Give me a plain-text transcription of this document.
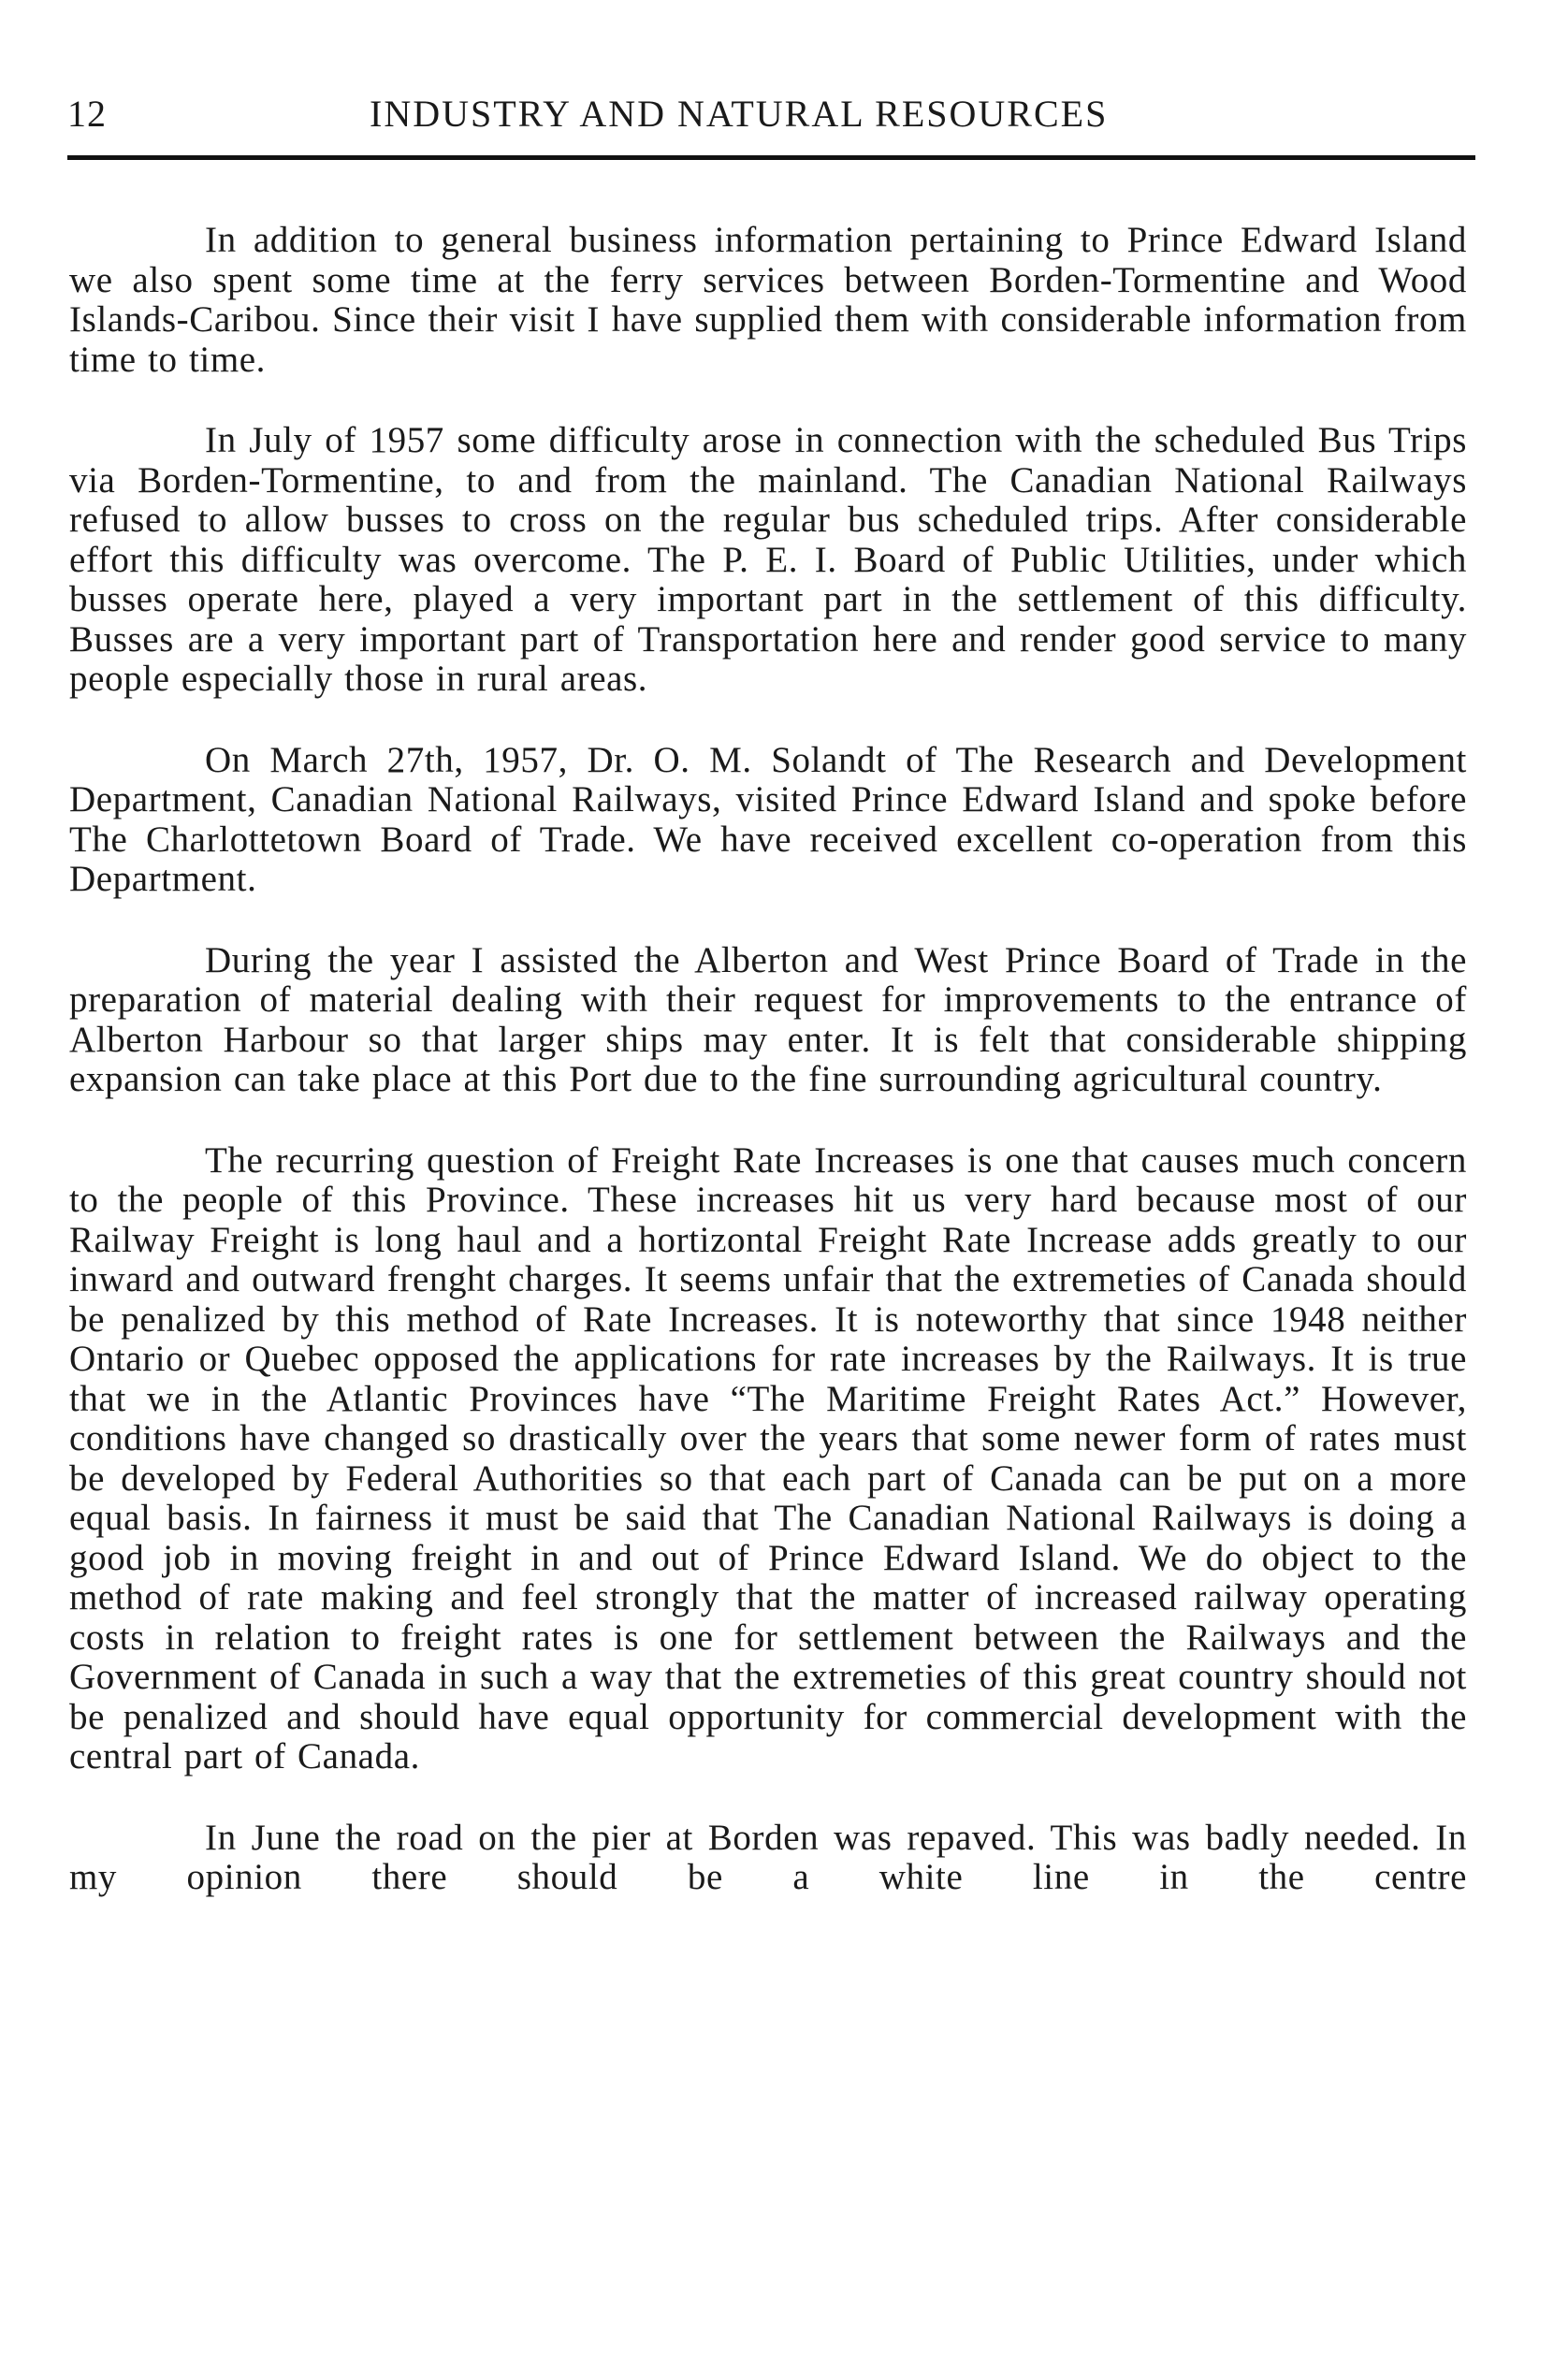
12	INDUSTRY AND NATURAL RESOURCES

In addition to general business information pertaining to Prince Edward Island we also spent some time at the ferry services between Borden-Tormentine and Wood Islands-Caribou. Since their visit I have supplied them with considerable information from time to time.

In July of 1957 some difficulty arose in connection with the scheduled Bus Trips via Borden-Tormentine, to and from the mainland. The Canadian National Railways refused to allow busses to cross on the regular bus scheduled trips. After considerable effort this difficulty was overcome. The P. E. I. Board of Public Utilities, under which busses operate here, played a very important part in the settlement of this difficulty. Busses are a very important part of Transportation here and render good service to many people especially those in rural areas.

On March 27th, 1957, Dr. O. M. Solandt of The Research and Development Department, Canadian National Railways, visited Prince Edward Island and spoke before The Charlottetown Board of Trade. We have received excellent co-operation from this Department.

During the year I assisted the Alberton and West Prince Board of Trade in the preparation of material dealing with their request for improvements to the entrance of Alberton Harbour so that larger ships may enter. It is felt that considerable shipping expansion can take place at this Port due to the fine surrounding agricultural country.

The recurring question of Freight Rate Increases is one that causes much concern to the people of this Province. These increases hit us very hard because most of our Railway Freight is long haul and a hortizontal Freight Rate Increase adds greatly to our inward and outward frenght charges. It seems unfair that the extremeties of Canada should be penalized by this method of Rate Increases. It is noteworthy that since 1948 neither Ontario or Quebec opposed the applications for rate increases by the Railways. It is true that we in the Atlantic Provinces have “The Maritime Freight Rates Act.” However, conditions have changed so drastically over the years that some newer form of rates must be developed by Federal Authorities so that each part of Canada can be put on a more equal basis. In fairness it must be said that The Canadian National Railways is doing a good job in moving freight in and out of Prince Edward Island. We do object to the method of rate making and feel strongly that the matter of increased railway operating costs in relation to freight rates is one for settlement between the Railways and the Government of Canada in such a way that the extremeties of this great country should not be penalized and should have equal opportunity for commercial development with the central part of Canada.

In June the road on the pier at Borden was repaved. This was badly needed. In my opinion there should be a white line in the centre
